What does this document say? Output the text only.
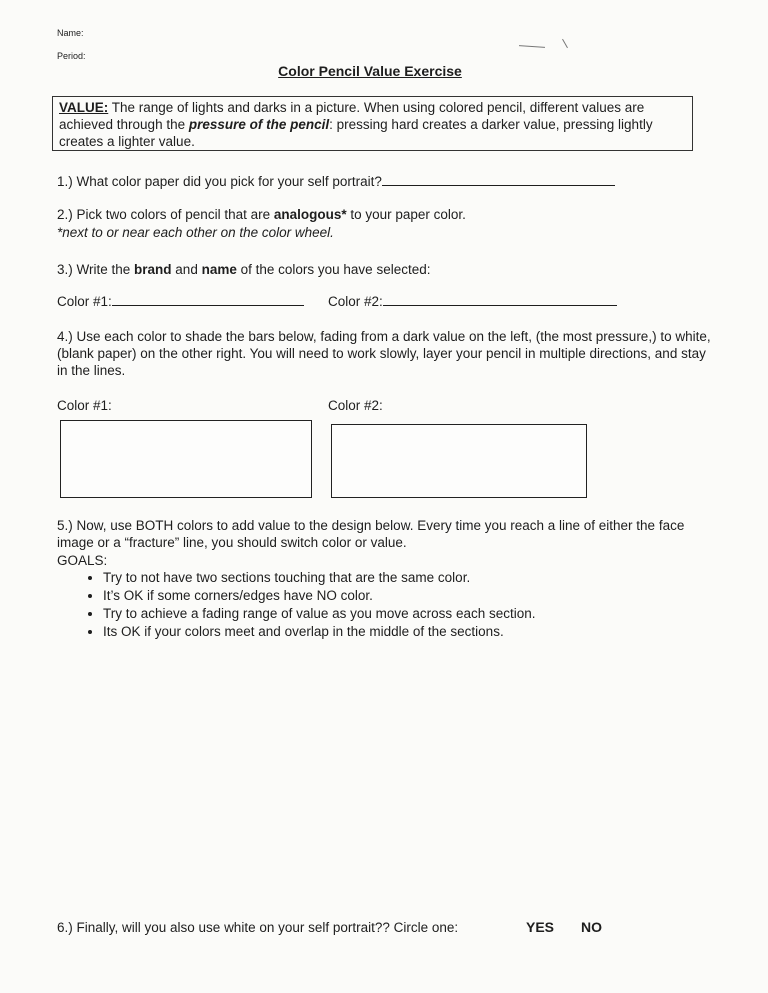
Name:
Period:
Color Pencil Value Exercise
VALUE: The range of lights and darks in a picture. When using colored pencil, different values are achieved through the pressure of the pencil: pressing hard creates a darker value, pressing lightly creates a lighter value.
1.) What color paper did you pick for your self portrait?
2.) Pick two colors of pencil that are analogous* to your paper color.
*next to or near each other on the color wheel.
3.) Write the brand and name of the colors you have selected:
Color #1:	Color #2:
4.) Use each color to shade the bars below, fading from a dark value on the left, (the most pressure,) to white, (blank paper) on the other right. You will need to work slowly, layer your pencil in multiple directions, and stay in the lines.
Color #1:	Color #2:
5.) Now, use BOTH colors to add value to the design below. Every time you reach a line of either the face image or a “fracture” line, you should switch color or value.
GOALS:
• Try to not have two sections touching that are the same color.
• It’s OK if some corners/edges have NO color.
• Try to achieve a fading range of value as you move across each section.
• Its OK if your colors meet and overlap in the middle of the sections.
6.) Finally, will you also use white on your self portrait?? Circle one:	YES NO
